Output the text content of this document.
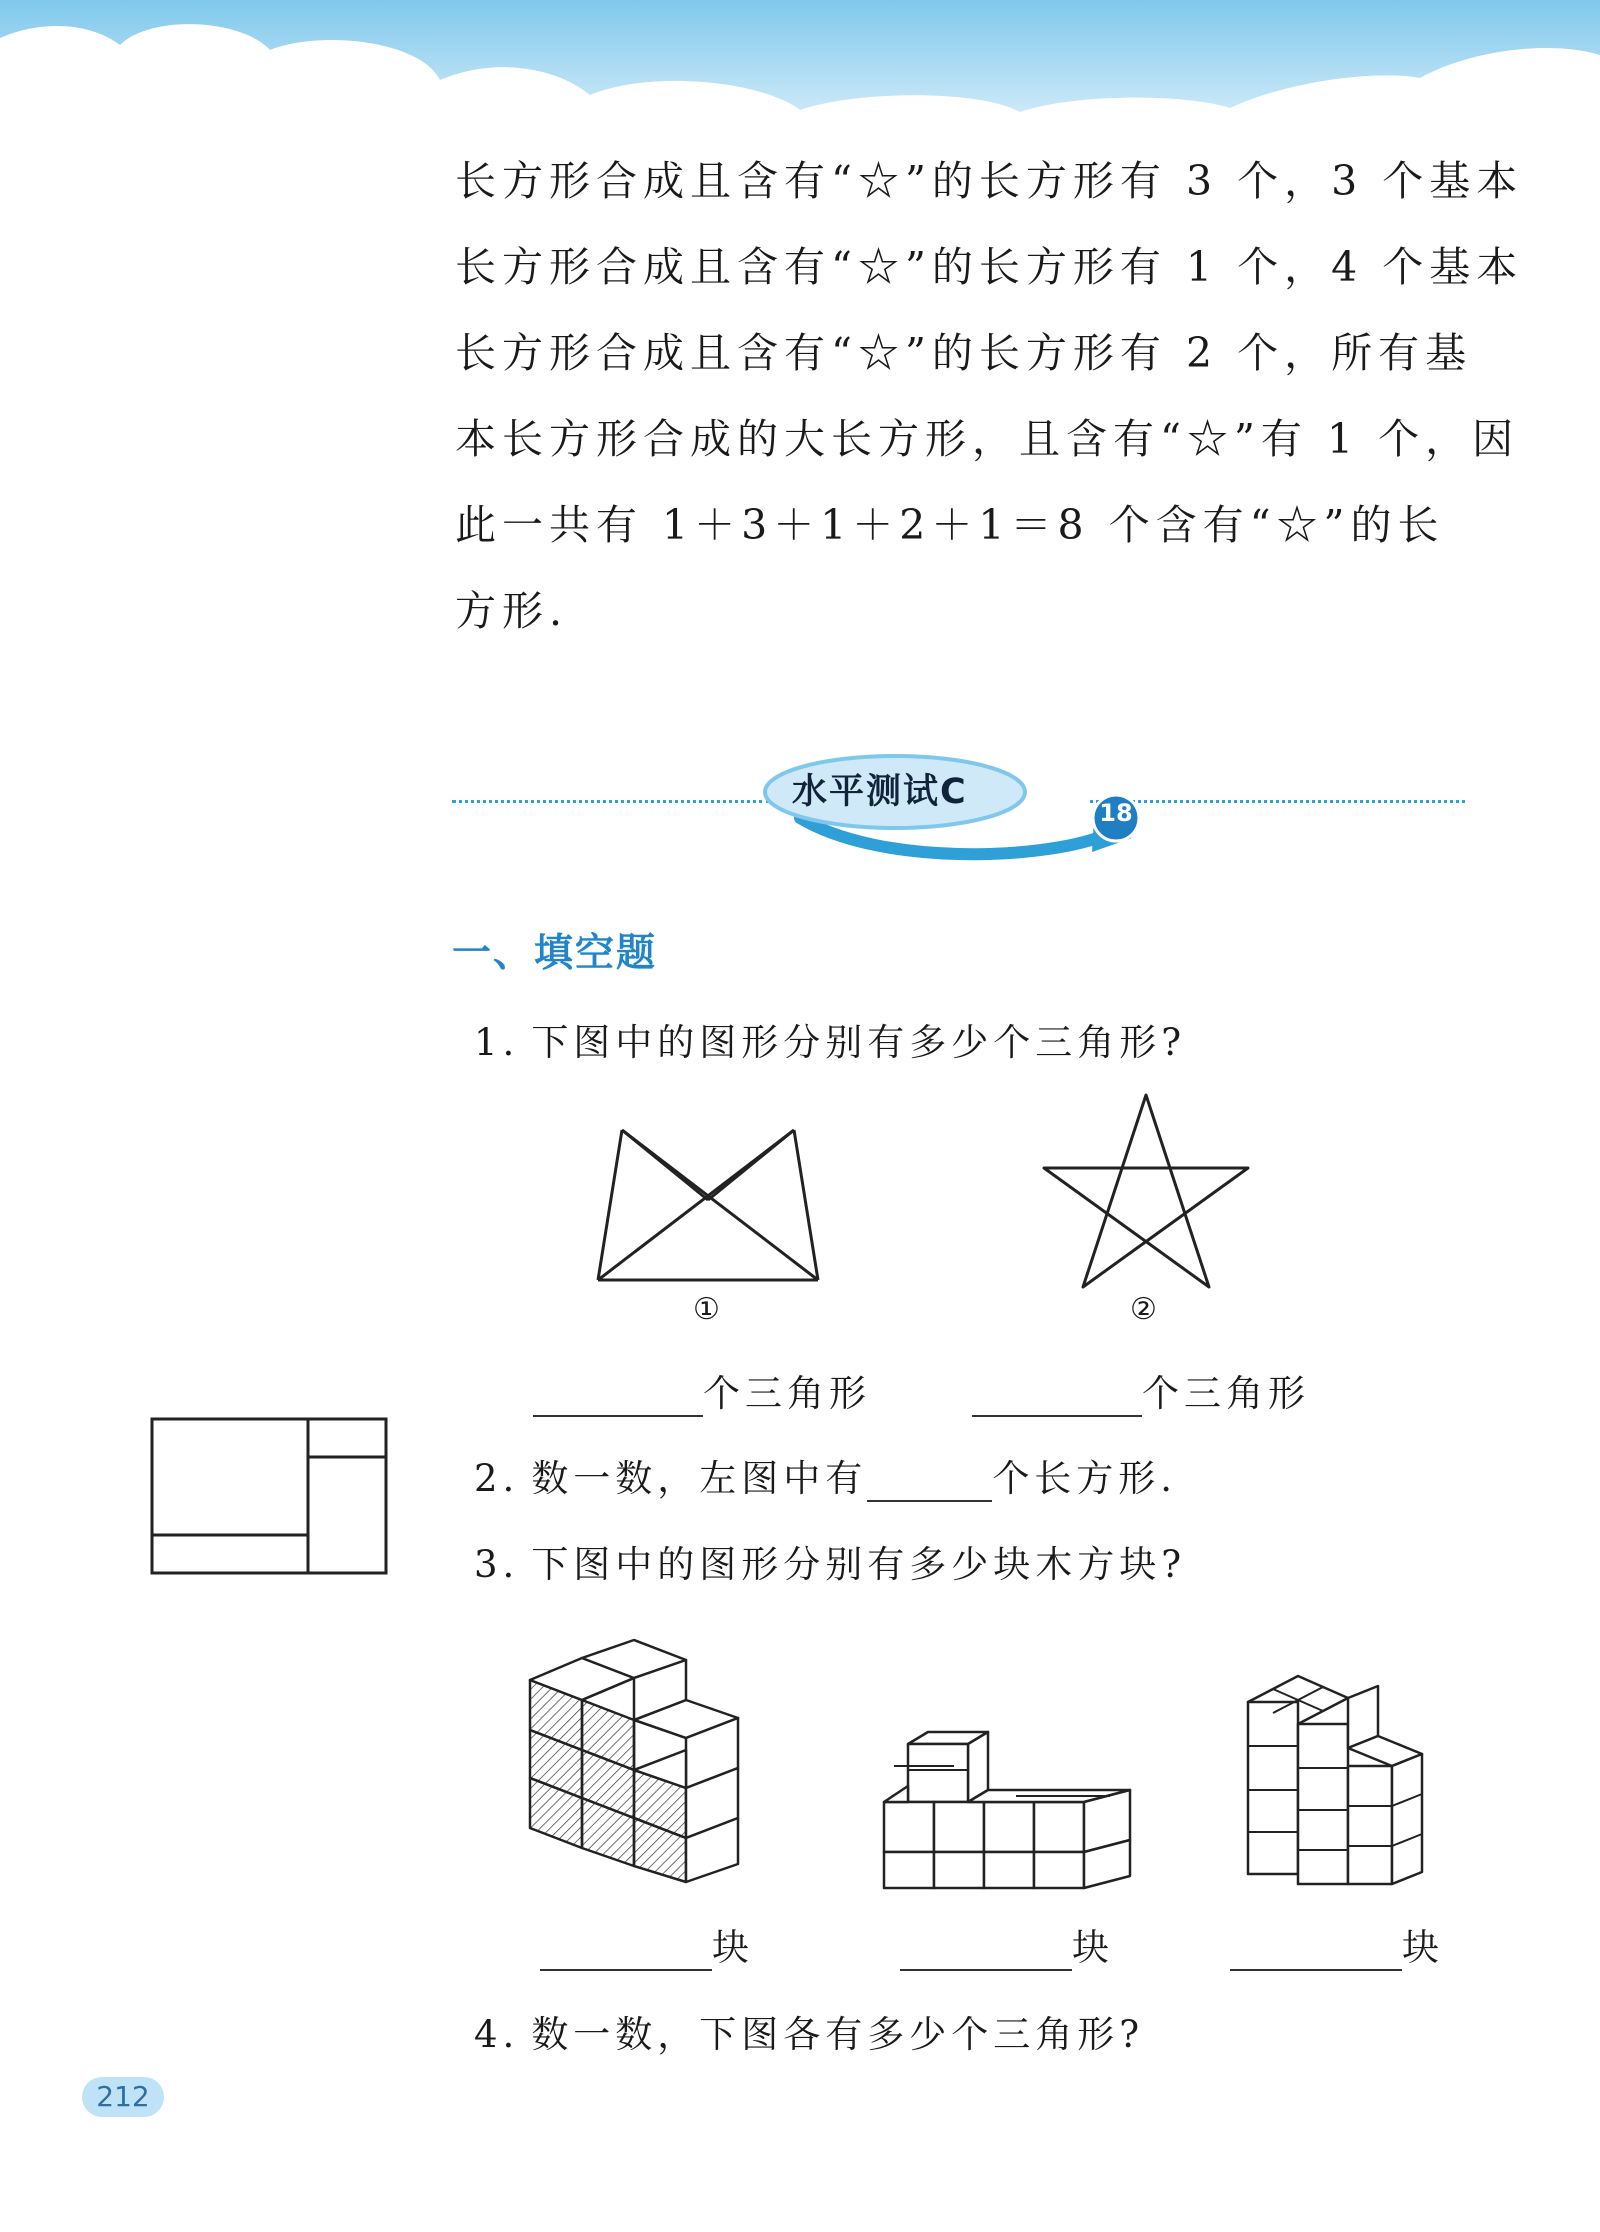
长方形合成且含有“☆”的长方形有 3 个，3 个基本
长方形合成且含有“☆”的长方形有 1 个，4 个基本
长方形合成且含有“☆”的长方形有 2 个，所有基
本长方形合成的大长方形，且含有“☆”有 1 个，因
此一共有 1＋3＋1＋2＋1＝8 个含有“☆”的长
方形.
水平测试C
18
一、填空题
1. 下图中的图形分别有多少个三角形?
①	②
个三角形	个三角形
2. 数一数，左图中有	个长方形.
3. 下图中的图形分别有多少块木方块?
块	块	块
4. 数一数，下图各有多少个三角形?
212
